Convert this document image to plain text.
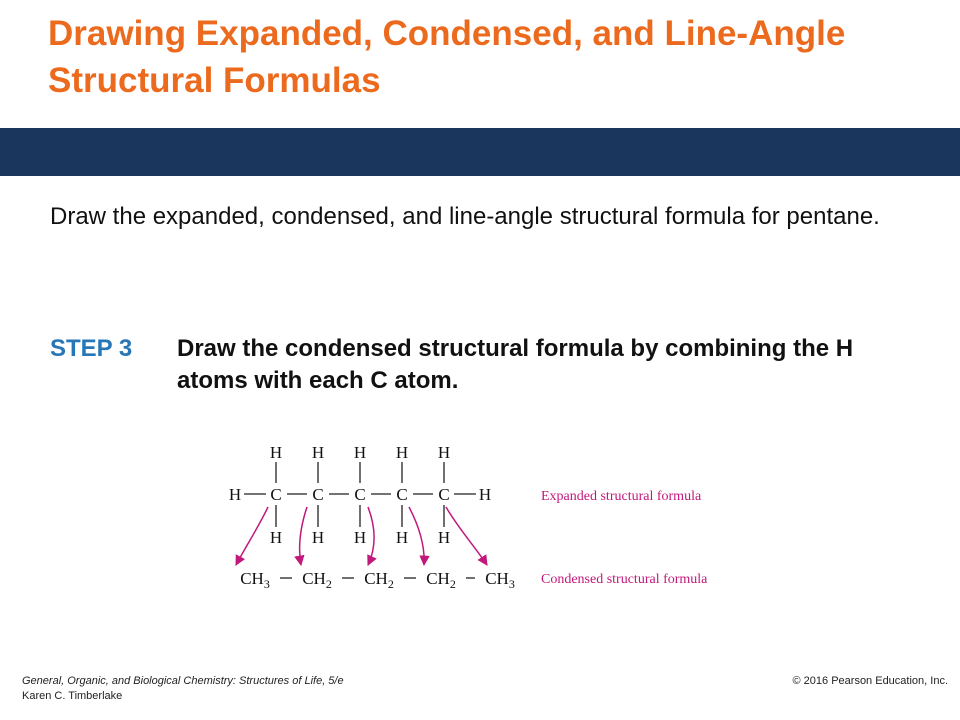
Drawing Expanded, Condensed, and Line-Angle Structural Formulas
Draw the expanded, condensed, and line-angle structural formula for pentane.
STEP 3 Draw the condensed structural formula by combining the H atoms with each C atom.
H	H
H
C
H
H
C
H
H
C
H
H
C
H
H
C
H
$CH_3$ $CH_2$ $CH_2$ $CH_2$ $CH_3$
Expanded structural formula
Condensed structural formula
General, Organic, and Biological Chemistry: Structures of Life, 5/e
Karen C. Timberlake
© 2016 Pearson Education, Inc.
